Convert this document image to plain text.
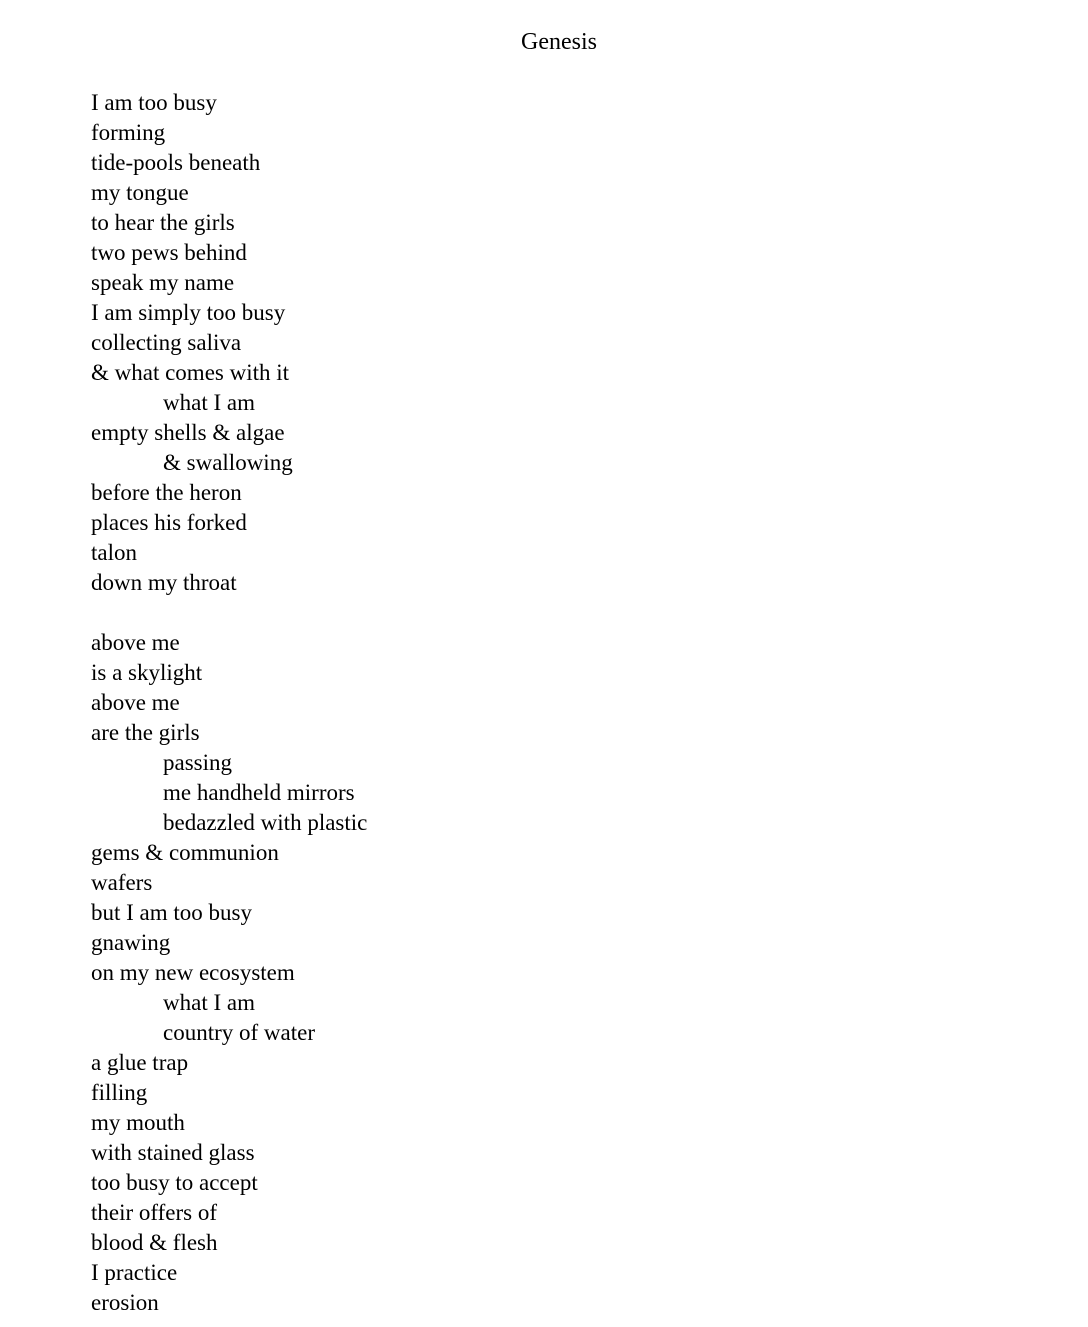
Genesis
I am too busy
forming
tide-pools beneath
my tongue
to hear the girls
two pews behind
speak my name
I am simply too busy
collecting saliva
& what comes with it
what I am
empty shells & algae
& swallowing
before the heron
places his forked
talon
down my throat
above me
is a skylight
above me
are the girls
passing
me handheld mirrors
bedazzled with plastic
gems & communion
wafers
but I am too busy
gnawing
on my new ecosystem
what I am
country of water
a glue trap
filling
my mouth
with stained glass
too busy to accept
their offers of
blood & flesh
I practice
erosion
